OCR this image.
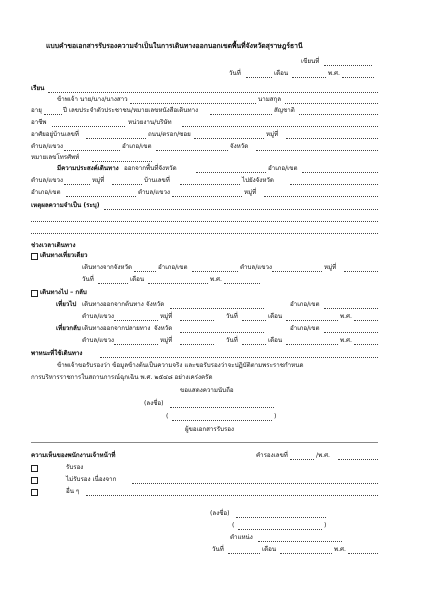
แบบคำขอเอกสารรับรองความจำเป็นในการเดินทางออกนอกเขตพื้นที่จังหวัดสุราษฎร์ธานี
เขียนที่
วันที่	เดือน	พ.ศ.
เรียน
ข้าพเจ้า นาย/นาง/นางสาว	นามสกุล
อายุ	ปี เลขประจำตัวประชาชน/หมายเลขหนังสือเดินทาง	สัญชาติ
อาชีพ	หน่วยงาน/บริษัท
อาศัยอยู่บ้านเลขที่	ถนน/ตรอก/ซอย	หมู่ที่
ตำบล/แขวง	อำเภอ/เขต	จังหวัด
หมายเลขโทรศัพท์
มีความประสงค์เดินทาง ออกจากพื้นที่จังหวัด	อำเภอ/เขต
ตำบล/แขวง	หมู่ที่	บ้านเลขที่	ไปยังจังหวัด
อำเภอ/เขต	ตำบล/แขวง	หมู่ที่
เหตุผลความจำเป็น (ระบุ)
ช่วงเวลาเดินทาง
เดินทางเที่ยวเดียว
เดินทางจากจังหวัด	อำเภอ/เขต	ตำบล/แขวง	หมู่ที่
วันที่	เดือน	พ.ศ.
เดินทางไป – กลับ
เที่ยวไป เดินทางออกจากต้นทาง จังหวัด	อำเภอ/เขต
ตำบล/แขวง	หมู่ที่	วันที่	เดือน	พ.ศ.
เที่ยวกลับ เดินทางออกจากปลายทาง จังหวัด	อำเภอ/เขต
ตำบล/แขวง	หมู่ที่	วันที่	เดือน	พ.ศ.
พาหนะที่ใช้เดินทาง
ข้าพเจ้าขอรับรองว่า ข้อมูลข้างต้นเป็นความจริง และขอรับรองว่าจะปฏิบัติตามพระราชกำหนด
การบริหารราชการในสถานการณ์ฉุกเฉิน พ.ศ. ๒๕๔๘ อย่างเคร่งครัด
ขอแสดงความนับถือ
(ลงชื่อ)
(	)
ผู้ขอเอกสารรับรอง
ความเห็นของพนักงานเจ้าหน้าที่	คำรองเลขที่	/พ.ศ.
รับรอง
ไม่รับรอง เนื่องจาก
อื่น ๆ
(ลงชื่อ)
(	)
ตำแหน่ง
วันที่	เดือน	พ.ศ.
